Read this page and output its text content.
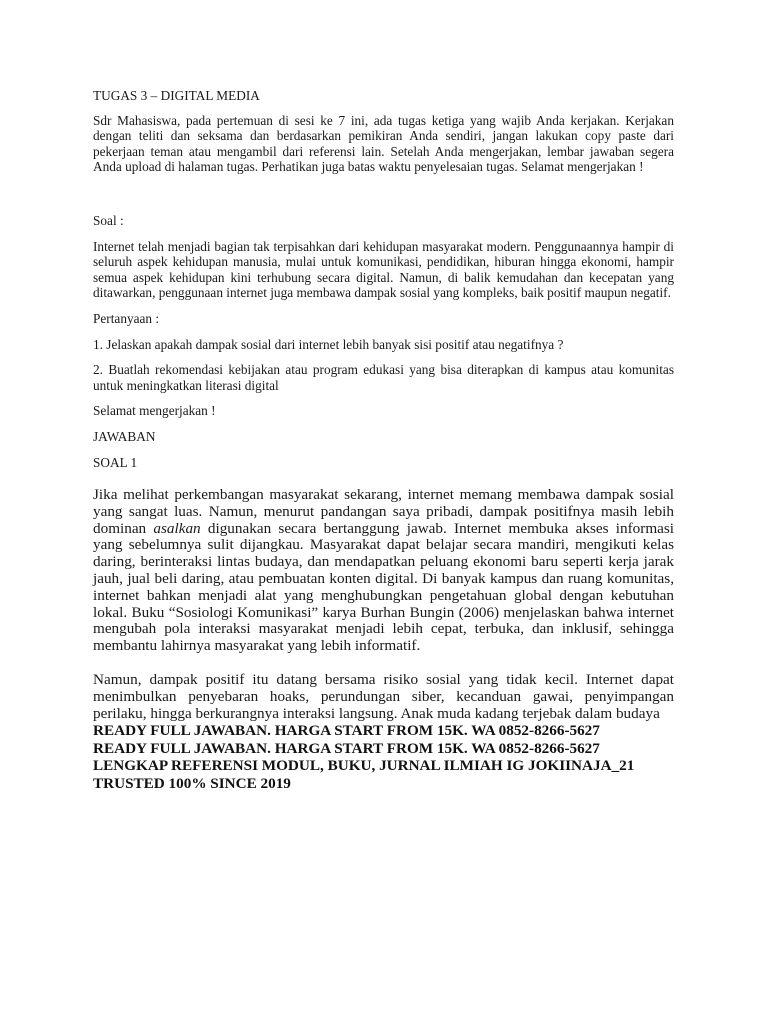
TUGAS 3 – DIGITAL MEDIA

Sdr Mahasiswa, pada pertemuan di sesi ke 7 ini, ada tugas ketiga yang wajib Anda kerjakan. Kerjakan dengan teliti dan seksama dan berdasarkan pemikiran Anda sendiri, jangan lakukan copy paste dari pekerjaan teman atau mengambil dari referensi lain. Setelah Anda mengerjakan, lembar jawaban segera Anda upload di halaman tugas. Perhatikan juga batas waktu penyelesaian tugas. Selamat mengerjakan !

Soal :

Internet telah menjadi bagian tak terpisahkan dari kehidupan masyarakat modern. Penggunaannya hampir di seluruh aspek kehidupan manusia, mulai untuk komunikasi, pendidikan, hiburan hingga ekonomi, hampir semua aspek kehidupan kini terhubung secara digital. Namun, di balik kemudahan dan kecepatan yang ditawarkan, penggunaan internet juga membawa dampak sosial yang kompleks, baik positif maupun negatif.

Pertanyaan :

1. Jelaskan apakah dampak sosial dari internet lebih banyak sisi positif atau negatifnya ?

2. Buatlah rekomendasi kebijakan atau program edukasi yang bisa diterapkan di kampus atau komunitas untuk meningkatkan literasi digital

Selamat mengerjakan !

JAWABAN

SOAL 1

Jika melihat perkembangan masyarakat sekarang, internet memang membawa dampak sosial yang sangat luas. Namun, menurut pandangan saya pribadi, dampak positifnya masih lebih dominan asalkan digunakan secara bertanggung jawab. Internet membuka akses informasi yang sebelumnya sulit dijangkau. Masyarakat dapat belajar secara mandiri, mengikuti kelas daring, berinteraksi lintas budaya, dan mendapatkan peluang ekonomi baru seperti kerja jarak jauh, jual beli daring, atau pembuatan konten digital. Di banyak kampus dan ruang komunitas, internet bahkan menjadi alat yang menghubungkan pengetahuan global dengan kebutuhan lokal. Buku “Sosiologi Komunikasi” karya Burhan Bungin (2006) menjelaskan bahwa internet mengubah pola interaksi masyarakat menjadi lebih cepat, terbuka, dan inklusif, sehingga membantu lahirnya masyarakat yang lebih informatif.

Namun, dampak positif itu datang bersama risiko sosial yang tidak kecil. Internet dapat menimbulkan penyebaran hoaks, perundungan siber, kecanduan gawai, penyimpangan perilaku, hingga berkurangnya interaksi langsung. Anak muda kadang terjebak dalam budaya

READY FULL JAWABAN. HARGA START FROM 15K. WA 0852-8266-5627
READY FULL JAWABAN. HARGA START FROM 15K. WA 0852-8266-5627
LENGKAP REFERENSI MODUL, BUKU, JURNAL ILMIAH IG JOKIINAJA_21
TRUSTED 100% SINCE 2019
